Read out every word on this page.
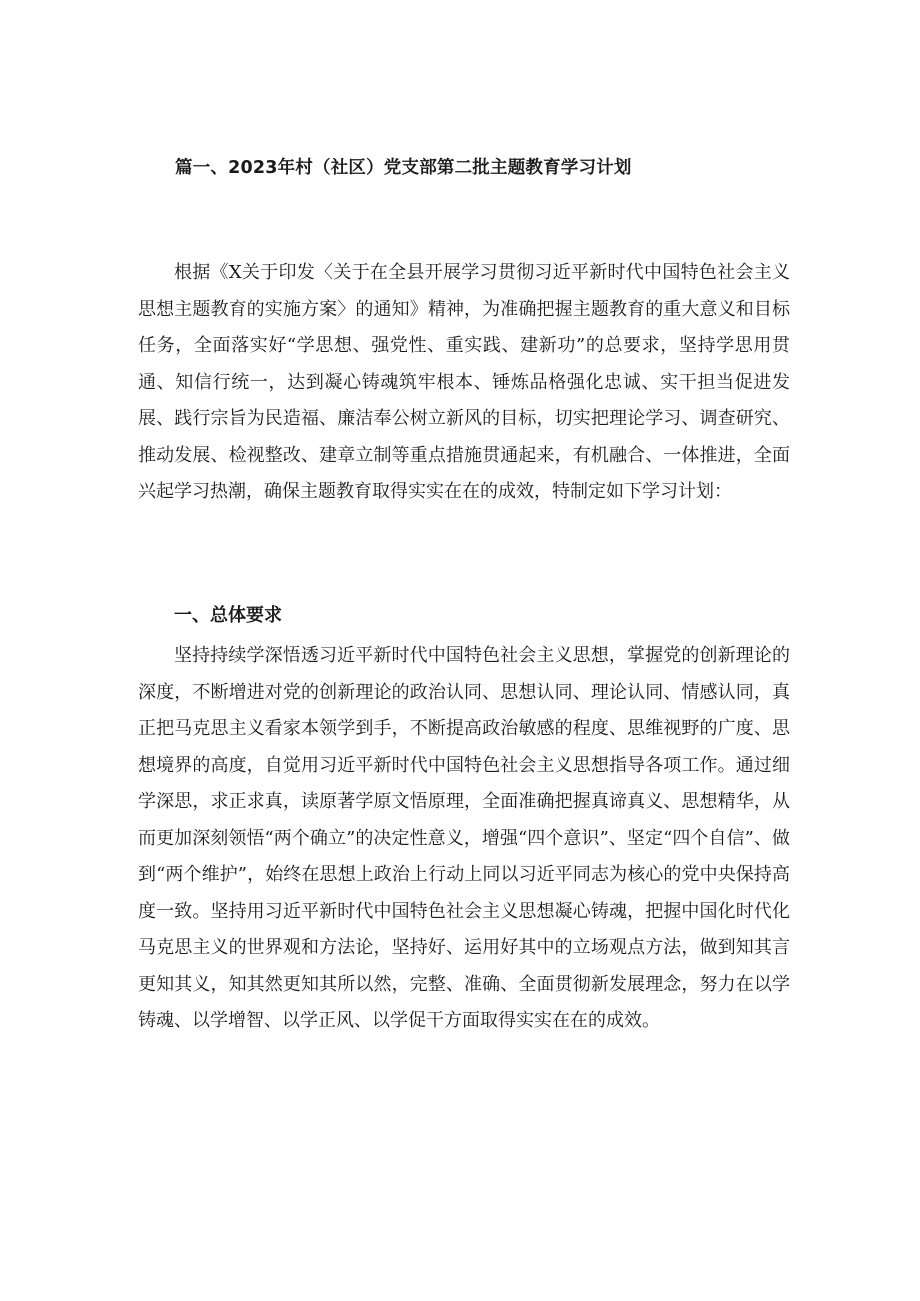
篇一、2023年村（社区）党支部第二批主题教育学习计划

根据《X关于印发〈关于在全县开展学习贯彻习近平新时代中国特色社会主义思想主题教育的实施方案〉的通知》精神，为准确把握主题教育的重大意义和目标任务，全面落实好“学思想、强党性、重实践、建新功”的总要求，坚持学思用贯通、知信行统一，达到凝心铸魂筑牢根本、锤炼品格强化忠诚、实干担当促进发展、践行宗旨为民造福、廉洁奉公树立新风的目标，切实把理论学习、调查研究、推动发展、检视整改、建章立制等重点措施贯通起来，有机融合、一体推进，全面兴起学习热潮，确保主题教育取得实实在在的成效，特制定如下学习计划：

一、总体要求

坚持持续学深悟透习近平新时代中国特色社会主义思想，掌握党的创新理论的深度，不断增进对党的创新理论的政治认同、思想认同、理论认同、情感认同，真正把马克思主义看家本领学到手，不断提高政治敏感的程度、思维视野的广度、思想境界的高度，自觉用习近平新时代中国特色社会主义思想指导各项工作。通过细学深思，求正求真，读原著学原文悟原理，全面准确把握真谛真义、思想精华，从而更加深刻领悟“两个确立”的决定性意义，增强“四个意识”、坚定“四个自信”、做到“两个维护”，始终在思想上政治上行动上同以习近平同志为核心的党中央保持高度一致。坚持用习近平新时代中国特色社会主义思想凝心铸魂，把握中国化时代化马克思主义的世界观和方法论，坚持好、运用好其中的立场观点方法，做到知其言更知其义，知其然更知其所以然，完整、准确、全面贯彻新发展理念，努力在以学铸魂、以学增智、以学正风、以学促干方面取得实实在在的成效。
